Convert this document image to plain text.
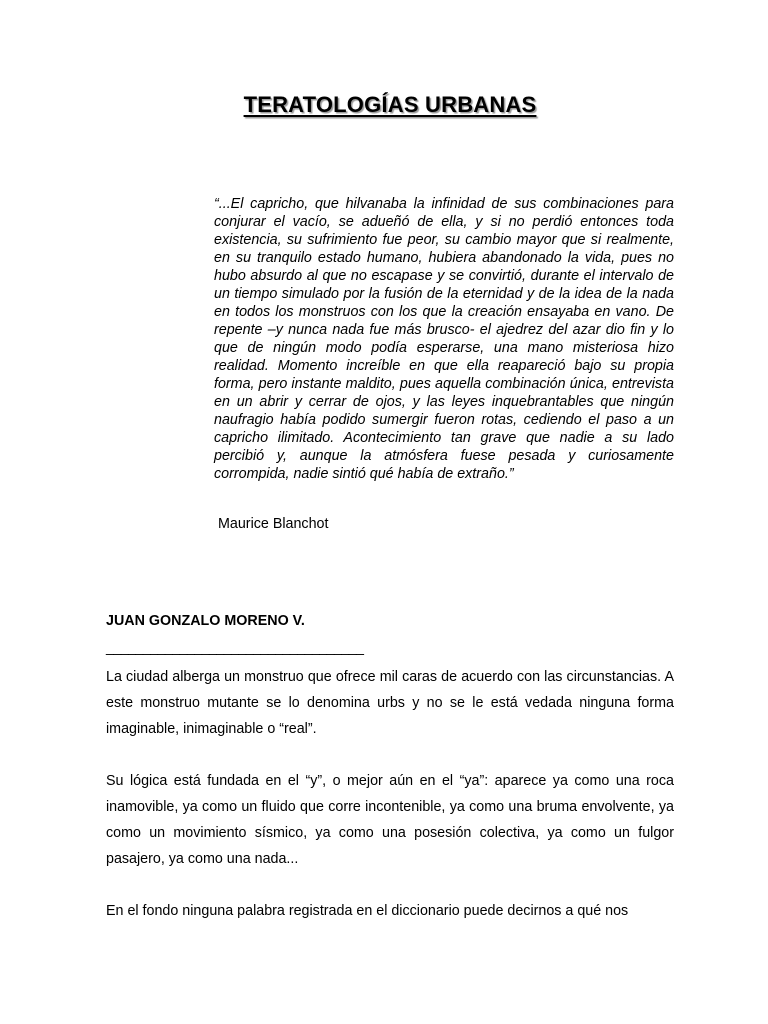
TERATOLOGÍAS URBANAS
“...El capricho, que hilvanaba la infinidad de sus combinaciones para conjurar el vacío, se adueñó de ella, y si no perdió entonces toda existencia, su sufrimiento fue peor, su cambio mayor que si realmente, en su tranquilo estado humano, hubiera abandonado la vida, pues no hubo absurdo al que no escapase y se convirtió, durante el intervalo de un tiempo simulado por la fusión de la eternidad y de la idea de la nada en todos los monstruos con los que la creación ensayaba en vano. De repente –y nunca nada fue más brusco- el ajedrez del azar dio fin y lo que de ningún modo podía esperarse, una mano misteriosa hizo realidad. Momento increíble en que ella reapareció bajo su propia forma, pero instante maldito, pues aquella combinación única, entrevista en un abrir y cerrar de ojos, y las leyes inquebrantables que ningún naufragio había podido sumergir fueron rotas, cediendo el paso a un capricho ilimitado. Acontecimiento tan grave que nadie a su lado percibió y, aunque la atmósfera fuese pesada y curiosamente corrompida, nadie sintió qué había de extraño.”
Maurice Blanchot
JUAN GONZALO MORENO V.
___________________________________

La ciudad alberga un monstruo que ofrece mil caras de acuerdo con las circunstancias. A este monstruo mutante se lo denomina urbs y no se le está vedada ninguna forma imaginable, inimaginable o “real”.

Su lógica está fundada en el “y”, o mejor aún en el “ya”: aparece ya como una roca inamovible, ya como un fluido que corre incontenible, ya como una bruma envolvente, ya como un movimiento sísmico, ya como una posesión colectiva, ya como un fulgor pasajero, ya como una nada...

En el fondo ninguna palabra registrada en el diccionario puede decirnos a qué nos
